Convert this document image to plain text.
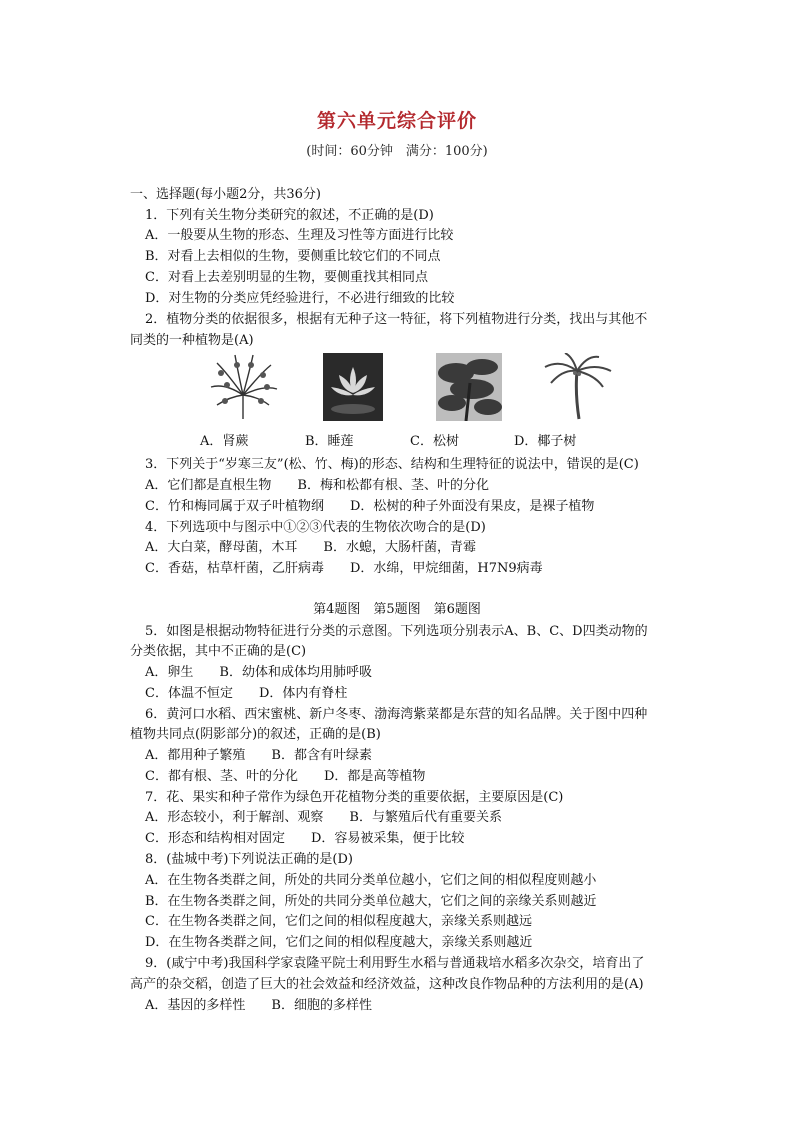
第六单元综合评价
(时间：60分钟　满分：100分)
一、选择题(每小题2分，共36分)
1．下列有关生物分类研究的叙述，不正确的是(D)
A．一般要从生物的形态、生理及习性等方面进行比较
B．对看上去相似的生物，要侧重比较它们的不同点
C．对看上去差别明显的生物，要侧重找其相同点
D．对生物的分类应凭经验进行，不必进行细致的比较
2．植物分类的依据很多，根据有无种子这一特征，将下列植物进行分类，找出与其他不
同类的一种植物是(A)
A．肾蕨	B．睡莲	C．松树	D．椰子树
3．下列关于“岁寒三友”(松、竹、梅)的形态、结构和生理特征的说法中，错误的是(C)
A．它们都是直根生物　　B．梅和松都有根、茎、叶的分化
C．竹和梅同属于双子叶植物纲　　D．松树的种子外面没有果皮，是裸子植物
4．下列选项中与图示中①②③代表的生物依次吻合的是(D)
A．大白菜，酵母菌，木耳　　B．水螅，大肠杆菌，青霉
C．香菇，枯草杆菌，乙肝病毒　　D．水绵，甲烷细菌，H7N9病毒
第4题图　第5题图　第6题图
5．如图是根据动物特征进行分类的示意图。下列选项分别表示A、B、C、D四类动物的
分类依据，其中不正确的是(C)
A．卵生　　B．幼体和成体均用肺呼吸
C．体温不恒定　　D．体内有脊柱
6．黄河口水稻、西宋蜜桃、新户冬枣、渤海湾紫菜都是东营的知名品牌。关于图中四种
植物共同点(阴影部分)的叙述，正确的是(B)
A．都用种子繁殖　　B．都含有叶绿素
C．都有根、茎、叶的分化　　D．都是高等植物
7．花、果实和种子常作为绿色开花植物分类的重要依据，主要原因是(C)
A．形态较小，利于解剖、观察　　B．与繁殖后代有重要关系
C．形态和结构相对固定　　D．容易被采集，便于比较
8．(盐城中考)下列说法正确的是(D)
A．在生物各类群之间，所处的共同分类单位越小，它们之间的相似程度则越小
B．在生物各类群之间，所处的共同分类单位越大，它们之间的亲缘关系则越近
C．在生物各类群之间，它们之间的相似程度越大，亲缘关系则越远
D．在生物各类群之间，它们之间的相似程度越大，亲缘关系则越近
9．(咸宁中考)我国科学家袁隆平院士利用野生水稻与普通栽培水稻多次杂交，培育出了
高产的杂交稻，创造了巨大的社会效益和经济效益，这种改良作物品种的方法利用的是(A)
A．基因的多样性　　B．细胞的多样性
